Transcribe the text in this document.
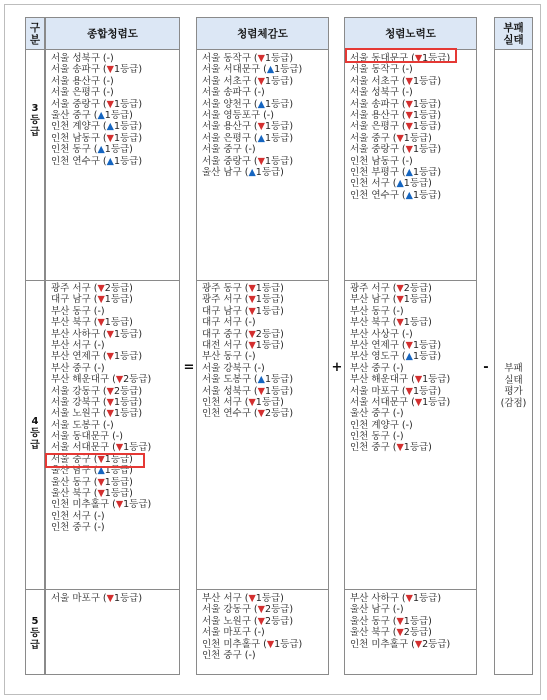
구
분
3
등
급
4
등
급
5
등
급
종합청렴도
서울 성북구 (-)
서울 송파구 (▼1등급)
서울 용산구 (-)
서울 은평구 (-)
서울 중랑구 (▼1등급)
울산 중구 (▲1등급)
인천 계양구 (▲1등급)
인천 남동구 (▼1등급)
인천 동구 (▲1등급)
인천 연수구 (▲1등급)
광주 서구 (▼2등급)
대구 남구 (▼1등급)
부산 동구 (-)
부산 북구 (▼1등급)
부산 사하구 (▼1등급)
부산 서구 (-)
부산 연제구 (▼1등급)
부산 중구 (-)
부산 해운대구 (▼2등급)
서울 강동구 (▼2등급)
서울 강북구 (▼1등급)
서울 노원구 (▼1등급)
서울 도봉구 (-)
서울 동대문구 (-)
서울 서대문구 (▼1등급)
서울 중구 (▼1등급)
울산 남구 (▲1등급)
울산 동구 (▼1등급)
울산 북구 (▼1등급)
인천 미추홀구 (▼1등급)
인천 서구 (-)
인천 중구 (-)
서울 마포구 (▼1등급)
=
청렴체감도
서울 동작구 (▼1등급)
서울 서대문구 (▲1등급)
서울 서초구 (▼1등급)
서울 송파구 (-)
서울 양천구 (▲1등급)
서울 영등포구 (-)
서울 용산구 (▼1등급)
서울 은평구 (▲1등급)
서울 중구 (-)
서울 중랑구 (▼1등급)
울산 남구 (▲1등급)
광주 동구 (▼1등급)
광주 서구 (▼1등급)
대구 남구 (▼1등급)
대구 서구 (-)
대구 중구 (▼2등급)
대전 서구 (▼1등급)
부산 동구 (-)
서울 강북구 (-)
서울 도봉구 (▲1등급)
서울 성북구 (▼1등급)
인천 서구 (▼1등급)
인천 연수구 (▼2등급)
부산 서구 (▼1등급)
서울 강동구 (▼2등급)
서울 노원구 (▼2등급)
서울 마포구 (-)
인천 미추홀구 (▼1등급)
인천 중구 (-)
+
청렴노력도
서울 동대문구 (▼1등급)
서울 동작구 (-)
서울 서초구 (▼1등급)
서울 성북구 (-)
서울 송파구 (▼1등급)
서울 용산구 (▼1등급)
서울 은평구 (▼1등급)
서울 중구 (▼1등급)
서울 중랑구 (▼1등급)
인천 남동구 (-)
인천 부평구 (▲1등급)
인천 서구 (▲1등급)
인천 연수구 (▲1등급)
광주 서구 (▼2등급)
부산 남구 (▼1등급)
부산 동구 (-)
부산 북구 (▼1등급)
부산 사상구 (-)
부산 연제구 (▼1등급)
부산 영도구 (▲1등급)
부산 중구 (-)
부산 해운대구 (▼1등급)
서울 마포구 (▼1등급)
서울 서대문구 (▼1등급)
울산 중구 (-)
인천 계양구 (-)
인천 동구 (-)
인천 중구 (▼1등급)
부산 사하구 (▼1등급)
울산 남구 (-)
울산 동구 (▼1등급)
울산 북구 (▼2등급)
인천 미추홀구 (▼2등급)
-
부패
실태
부패
실태
평가
(감점)
